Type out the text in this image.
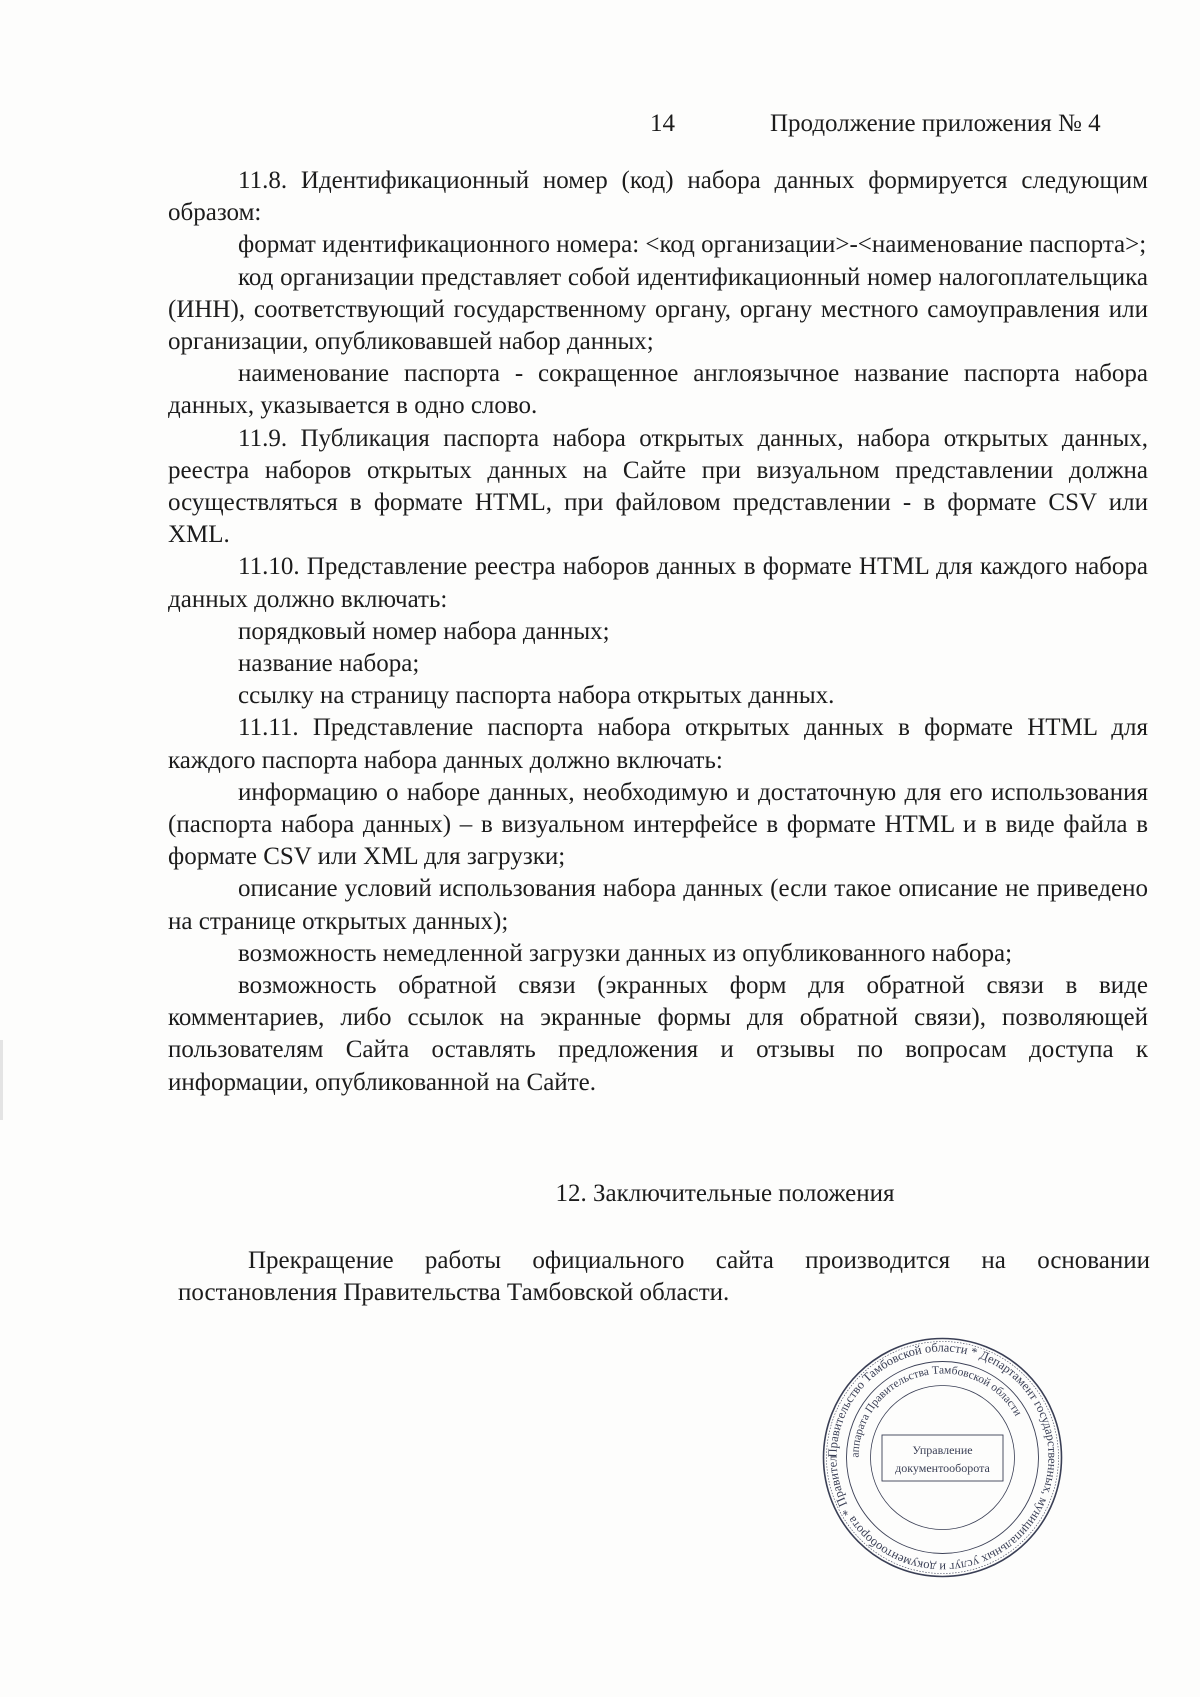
14	Продолжение приложения № 4

11.8. Идентификационный номер (код) набора данных формируется следующим образом:

формат идентификационного номера: <код организации>-<наименование паспорта>;

код организации представляет собой идентификационный номер налогоплательщика (ИНН), соответствующий государственному органу, органу местного самоуправления или организации, опубликовавшей набор данных;

наименование паспорта - сокращенное англоязычное название паспорта набора данных, указывается в одно слово.

11.9. Публикация паспорта набора открытых данных, набора открытых данных, реестра наборов открытых данных на Сайте при визуальном представлении должна осуществляться в формате HTML, при файловом представлении - в формате CSV или XML.

11.10. Представление реестра наборов данных в формате HTML для каждого набора данных должно включать:

порядковый номер набора данных;

название набора;

ссылку на страницу паспорта набора открытых данных.

11.11. Представление паспорта набора открытых данных в формате HTML для каждого паспорта набора данных должно включать:

информацию о наборе данных, необходимую и достаточную для его использования (паспорта набора данных) – в визуальном интерфейсе в формате HTML и в виде файла в формате CSV или XML для загрузки;

описание условий использования набора данных (если такое описание не приведено на странице открытых данных);

возможность немедленной загрузки данных из опубликованного набора;

возможность обратной связи (экранных форм для обратной связи в виде комментариев, либо ссылок на экранные формы для обратной связи), позволяющей пользователям Сайта оставлять предложения и отзывы по вопросам доступа к информации, опубликованной на Сайте.

12. Заключительные положения

Прекращение работы официального сайта производится на основании постановления Правительства Тамбовской области.

Правительство Тамбовской области * Департамент государственных, муниципальных услуг и документооборота * Правител
аппарата Правительства Тамбовской области
Управление
документооборота
